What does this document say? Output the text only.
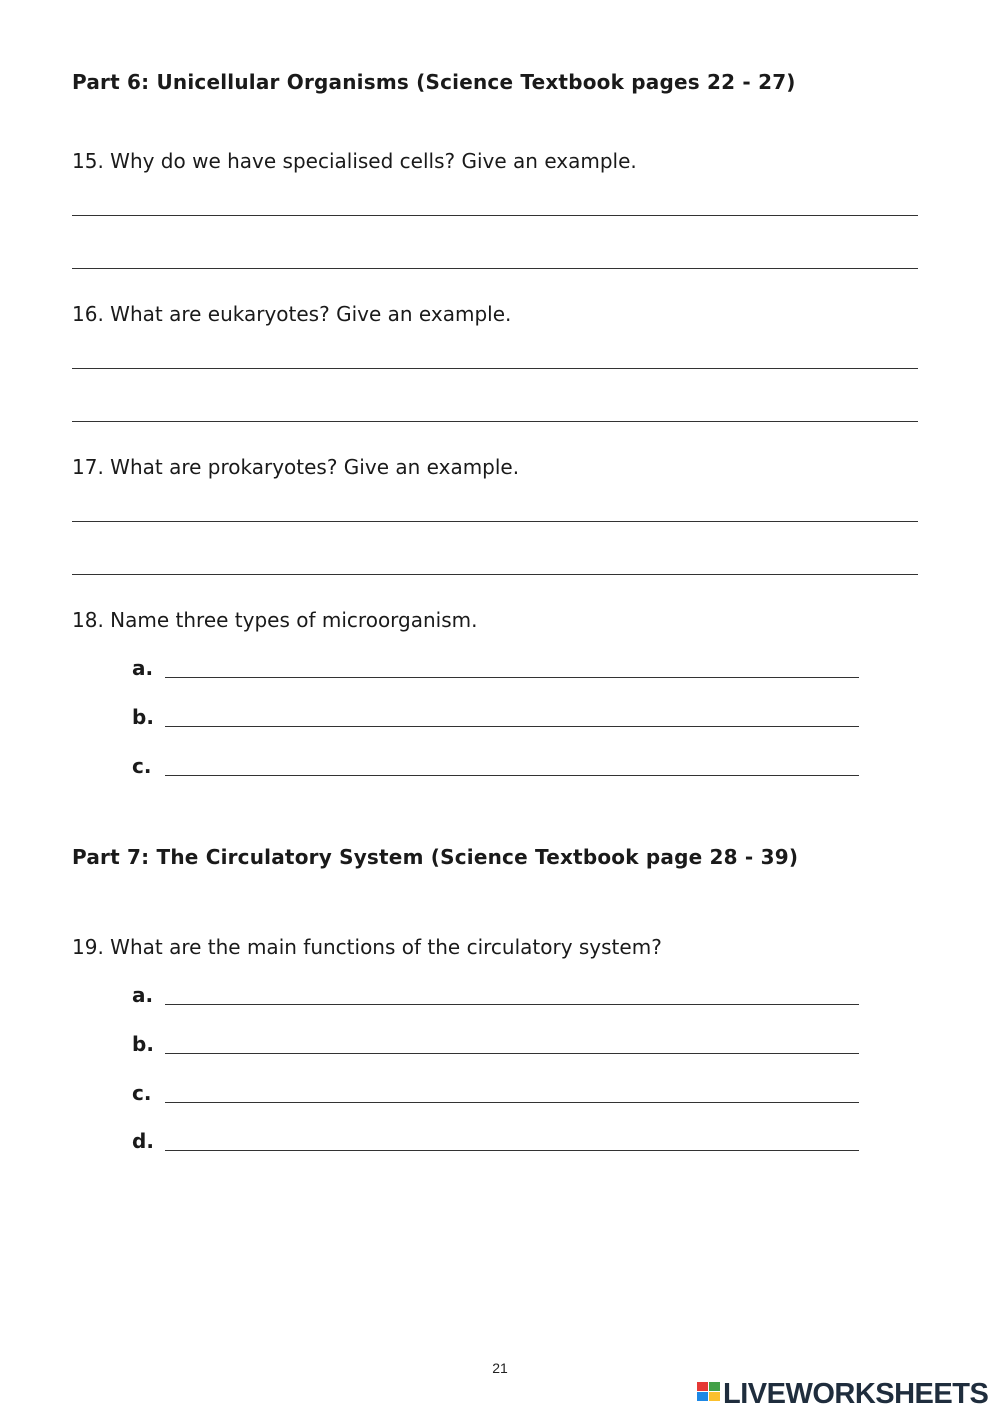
Part 6: Unicellular Organisms (Science Textbook pages 22 - 27)
15. Why do we have specialised cells? Give an example.
16. What are eukaryotes? Give an example.
17. What are prokaryotes? Give an example.
18. Name three types of microorganism.
a.
b.
c.
Part 7: The Circulatory System (Science Textbook page 28 - 39)
19. What are the main functions of the circulatory system?
a.
b.
c.
d.
21
LIVEWORKSHEETS
